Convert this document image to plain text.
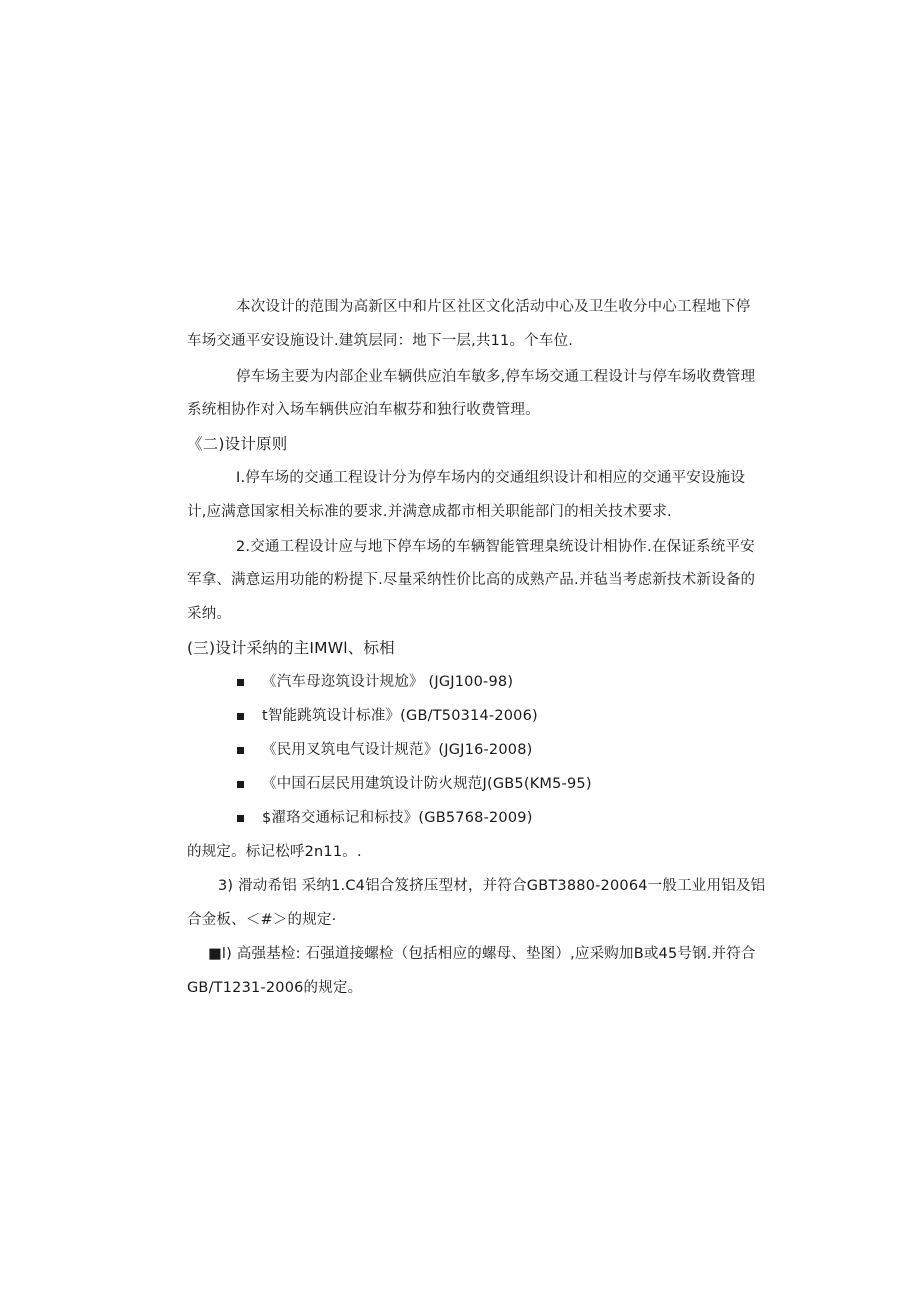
本次设计的范围为高新区中和片区社区文化活动中心及卫生收分中心工程地下停
车场交通平安设施设计.建筑层同：地下一层,共11。个车位.
停车场主要为内部企业车辆供应泊车敏多,停车场交通工程设计与停车场收费管理
系统相协作对入场车辆供应泊车椒芬和独行收费管理。
《二)设计原则
I.停车场的交通工程设计分为停车场内的交通组织设计和相应的交通平安设施设
计,应满意国家相关标准的要求.并满意成都市相关职能部门的相关技术要求.
2.交通工程设计应与地下停车场的车辆智能管理臬统设计相协作.在保证系统平安
军拿、满意运用功能的粉提下.尽量采纳性价比高的成熟产品.并毡当考虑新技术新设备的
采纳。
(三)设计采纳的主IMWl、标相
《汽车母迩筑设计规尬》 (JGJ100-98)
t智能跳筑设计标准》(GB/T50314-2006)
《民用叉筑电气设计规范》(JGJ16-2008)
《中国石层民用建筑设计防火规范J(GB5(KM5-95)
$濯珞交通标记和标技》(GB5768-2009)
的规定。标记松呼2n11。.
3) 滑动希铝 采纳1.C4铝合笈挤压型材，并符合GBT3880-20064一般工业用铝及铝
合金板、＜#＞的规定·
■l) 高强基检: 石强道接螺检（包括相应的螺母、垫图）,应采购加B或45号钢.并符合
GB/T1231-2006的规定。
